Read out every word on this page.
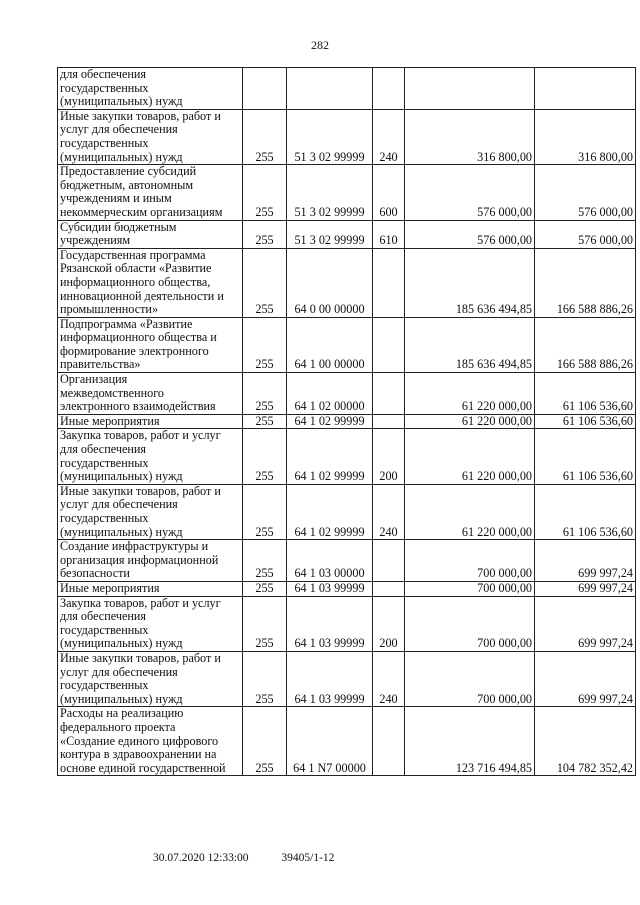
282
для обеспечения
государственных
(муниципальных) нужд					

Иные закупки товаров, работ и
услуг для обеспечения
государственных
(муниципальных) нужд	255	51 3 02 99999	240	316 800,00	316 800,00

Предоставление субсидий
бюджетным, автономным
учреждениям и иным
некоммерческим организациям	255	51 3 02 99999	600	576 000,00	576 000,00

Субсидии бюджетным
учреждениям	255	51 3 02 99999	610	576 000,00	576 000,00

Государственная программа
Рязанской области «Развитие
информационного общества,
инновационной деятельности и
промышленности»	255	64 0 00 00000		185 636 494,85	166 588 886,26

Подпрограмма «Развитие
информационного общества и
формирование электронного
правительства»	255	64 1 00 00000		185 636 494,85	166 588 886,26

Организация
межведомственного
электронного взаимодействия	255	64 1 02 00000		61 220 000,00	61 106 536,60

Иные мероприятия	255	64 1 02 99999		61 220 000,00	61 106 536,60

Закупка товаров, работ и услуг
для обеспечения
государственных
(муниципальных) нужд	255	64 1 02 99999	200	61 220 000,00	61 106 536,60

Иные закупки товаров, работ и
услуг для обеспечения
государственных
(муниципальных) нужд	255	64 1 02 99999	240	61 220 000,00	61 106 536,60

Создание инфраструктуры и
организация информационной
безопасности	255	64 1 03 00000		700 000,00	699 997,24

Иные мероприятия	255	64 1 03 99999		700 000,00	699 997,24

Закупка товаров, работ и услуг
для обеспечения
государственных
(муниципальных) нужд	255	64 1 03 99999	200	700 000,00	699 997,24

Иные закупки товаров, работ и
услуг для обеспечения
государственных
(муниципальных) нужд	255	64 1 03 99999	240	700 000,00	699 997,24

Расходы на реализацию
федерального проекта
«Создание единого цифрового
контура в здравоохранении на
основе единой государственной	255	64 1 N7 00000		123 716 494,85	104 782 352,42
30.07.2020 12:33:00	39405/1-12
